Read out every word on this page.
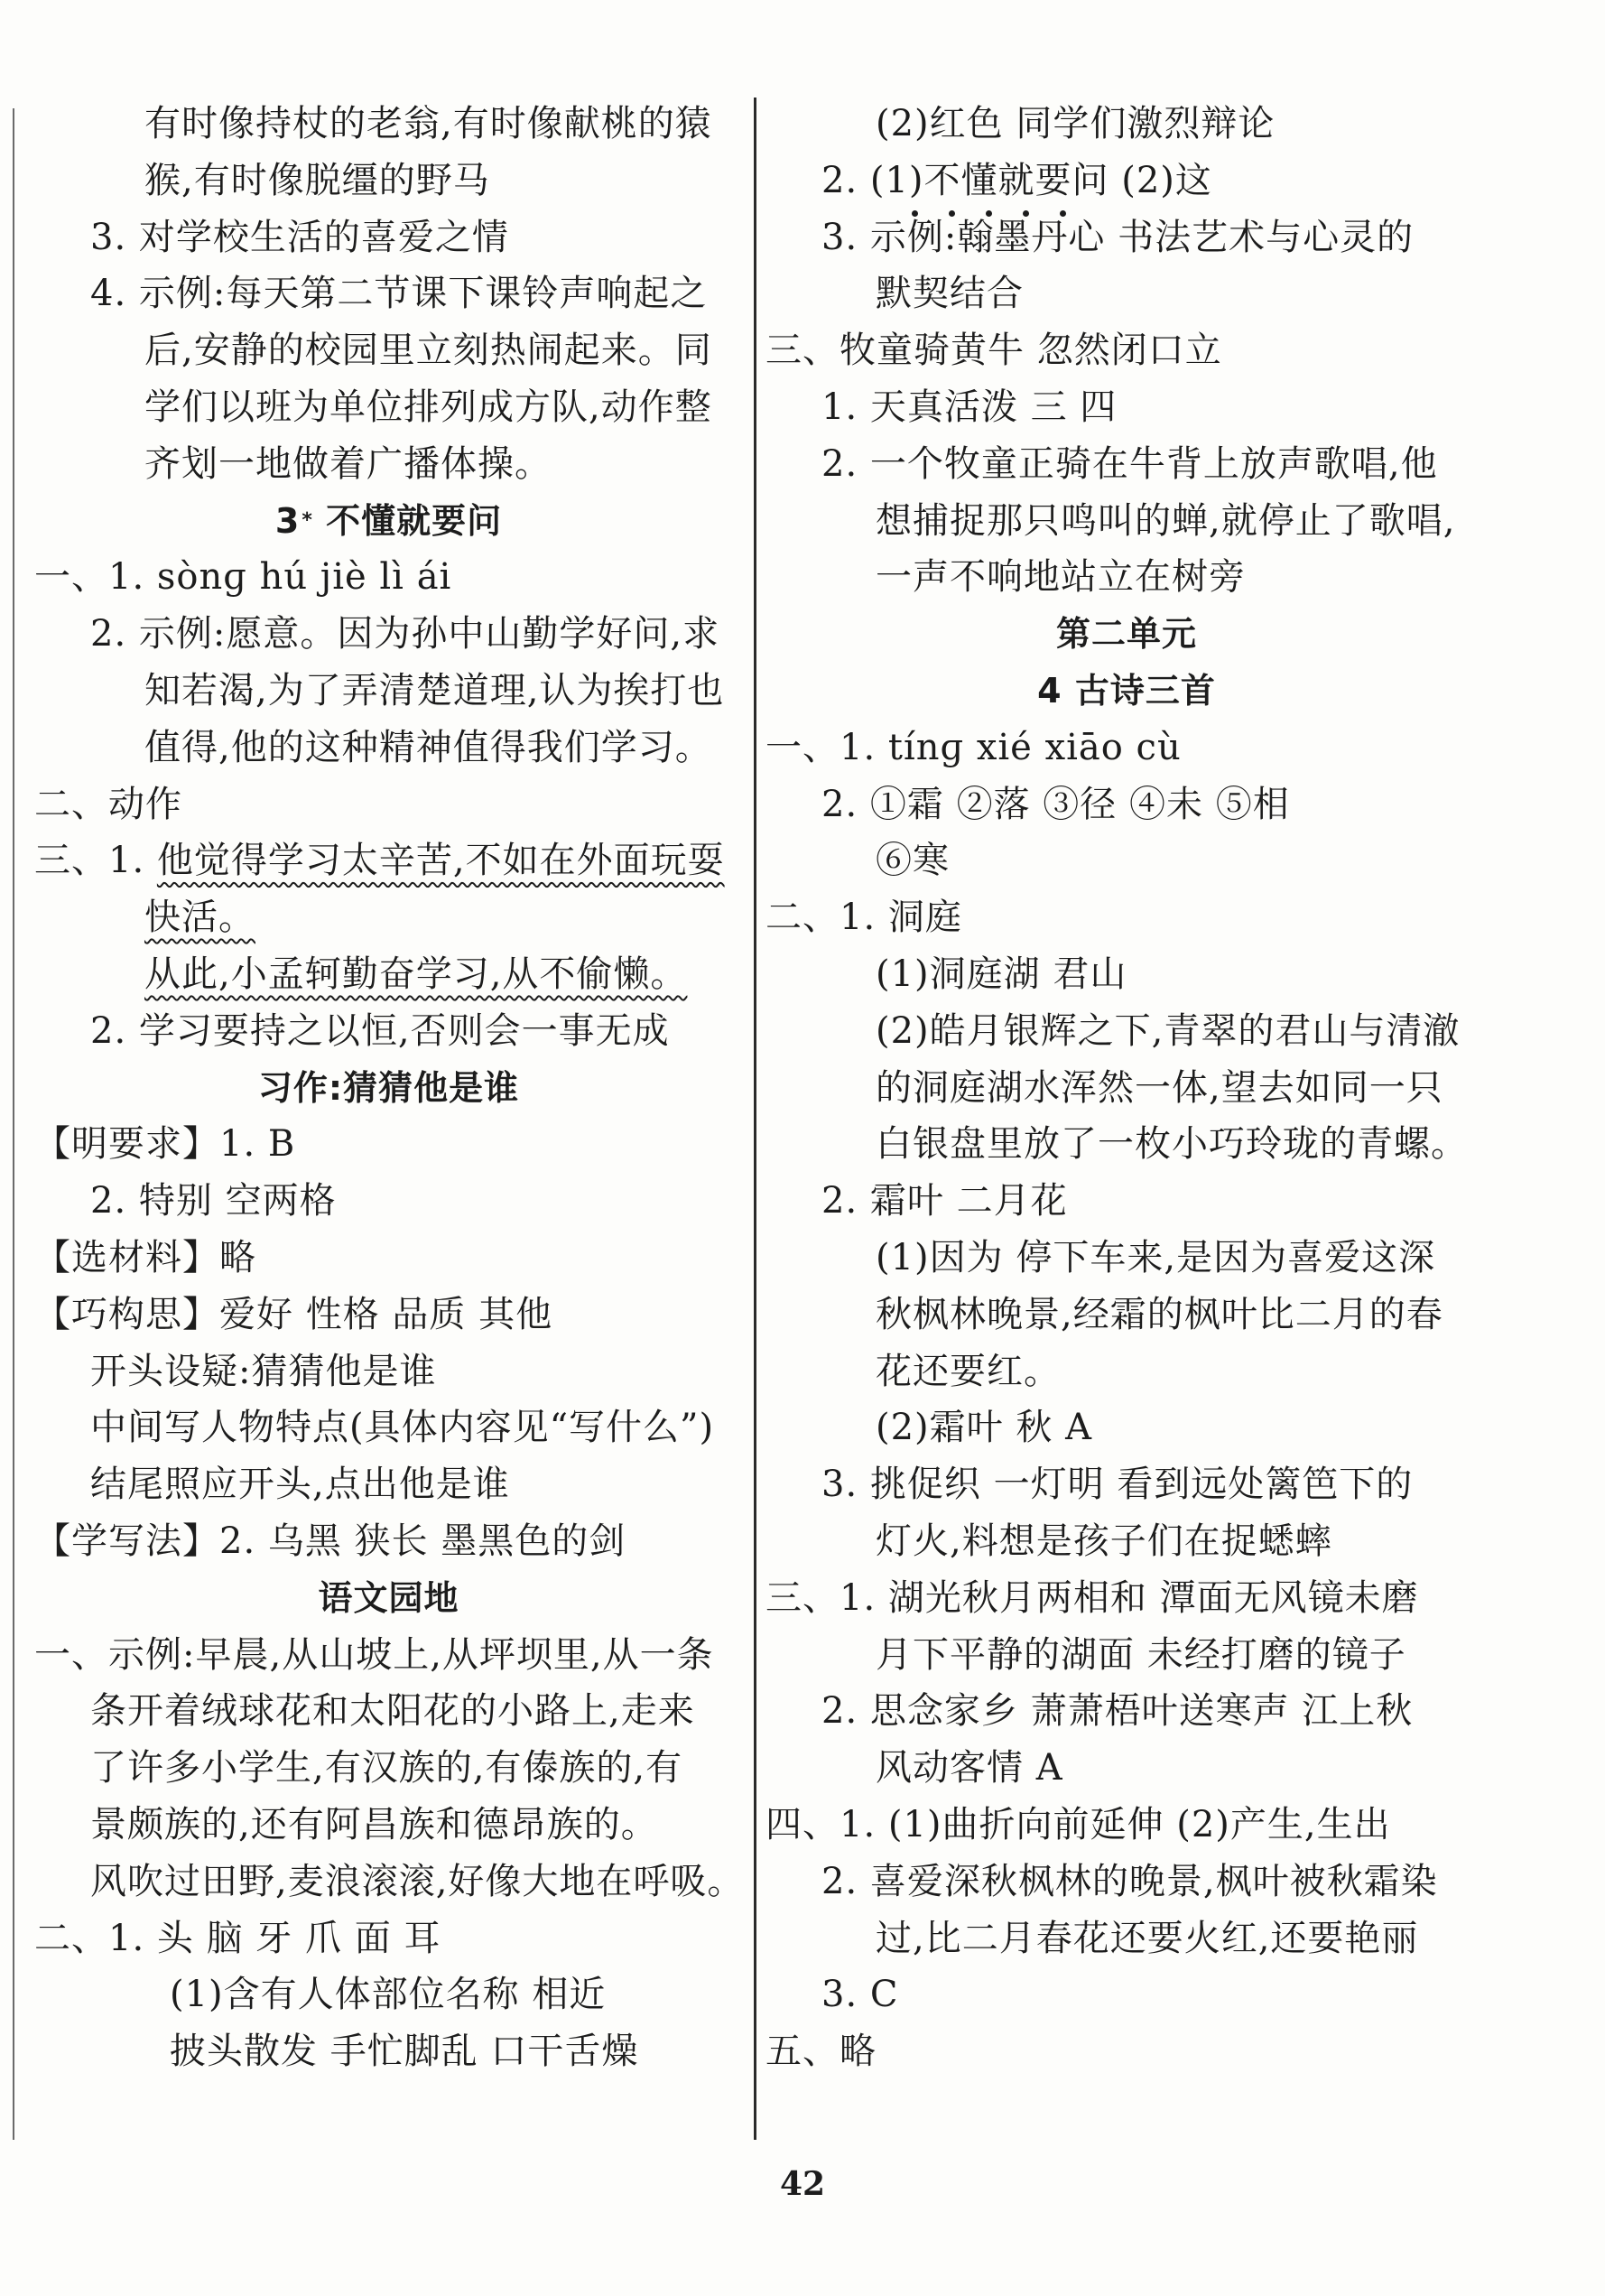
有时像持杖的老翁,有时像献桃的猿
猴,有时像脱缰的野马
3. 对学校生活的喜爱之情
4. 示例:每天第二节课下课铃声响起之
后,安静的校园里立刻热闹起来。同
学们以班为单位排列成方队,动作整
齐划一地做着广播体操。
3* 不懂就要问
一、1. sònɡ hú jiè lì ái
2. 示例:愿意。因为孙中山勤学好问,求
知若渴,为了弄清楚道理,认为挨打也
值得,他的这种精神值得我们学习。
二、动作
三、1. 他觉得学习太辛苦,不如在外面玩耍
快活。
从此,小孟轲勤奋学习,从不偷懒。
2. 学习要持之以恒,否则会一事无成
习作:猜猜他是谁
【明要求】1. B
2. 特别 空两格
【选材料】略
【巧构思】爱好 性格 品质 其他
开头设疑:猜猜他是谁
中间写人物特点(具体内容见“写什么”)
结尾照应开头,点出他是谁
【学写法】2. 乌黑 狭长 墨黑色的剑
语文园地
一、示例:早晨,从山坡上,从坪坝里,从一条
条开着绒球花和太阳花的小路上,走来
了许多小学生,有汉族的,有傣族的,有
景颇族的,还有阿昌族和德昂族的。
风吹过田野,麦浪滚滚,好像大地在呼吸。
二、1. 头 脑 牙 爪 面 耳
(1)含有人体部位名称 相近
披头散发 手忙脚乱 口干舌燥
(2)红色 同学们激烈辩论
2. (1)不懂就要问 (2)这
3. 示例:翰墨丹心 书法艺术与心灵的
默契结合
三、牧童骑黄牛 忽然闭口立
1. 天真活泼 三 四
2. 一个牧童正骑在牛背上放声歌唱,他
想捕捉那只鸣叫的蝉,就停止了歌唱,
一声不响地站立在树旁
第二单元
4 古诗三首
一、1. tínɡ xié xiāo cù
2. ①霜 ②落 ③径 ④未 ⑤相
⑥寒
二、1. 洞庭
(1)洞庭湖 君山
(2)皓月银辉之下,青翠的君山与清澈
的洞庭湖水浑然一体,望去如同一只
白银盘里放了一枚小巧玲珑的青螺。
2. 霜叶 二月花
(1)因为 停下车来,是因为喜爱这深
秋枫林晚景,经霜的枫叶比二月的春
花还要红。
(2)霜叶 秋 A
3. 挑促织 一灯明 看到远处篱笆下的
灯火,料想是孩子们在捉蟋蟀
三、1. 湖光秋月两相和 潭面无风镜未磨
月下平静的湖面 未经打磨的镜子
2. 思念家乡 萧萧梧叶送寒声 江上秋
风动客情 A
四、1. (1)曲折向前延伸 (2)产生,生出
2. 喜爱深秋枫林的晚景,枫叶被秋霜染
过,比二月春花还要火红,还要艳丽
3. C
五、略
42
